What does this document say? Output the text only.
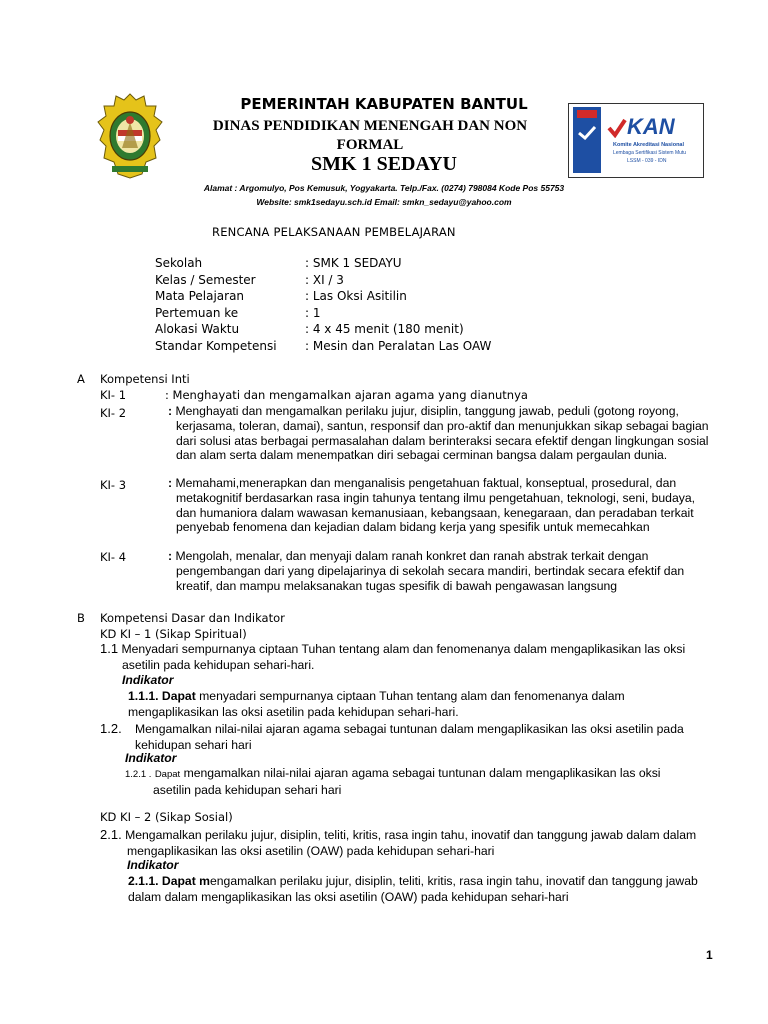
KAN
Komite Akreditasi Nasional
Lembaga Sertifikasi Sistem Mutu
LSSM - 039 - IDN
PEMERINTAH KABUPATEN BANTUL
DINAS PENDIDIKAN MENENGAH DAN NON FORMAL
SMK 1 SEDAYU
Alamat : Argomulyo, Pos Kemusuk, Yogyakarta. Telp./Fax. (0274) 798084 Kode Pos 55753
Website: smk1sedayu.sch.id Email: smkn_sedayu@yahoo.com
RENCANA PELAKSANAAN PEMBELAJARAN
Sekolah	: SMK 1 SEDAYU
Kelas / Semester	: XI / 3
Mata Pelajaran	: Las Oksi Asitilin
Pertemuan ke	: 1
Alokasi Waktu	: 4 x 45 menit (180 menit)
Standar Kompetensi : Mesin dan Peralatan Las OAW
A Kompetensi Inti
KI- 1	: Menghayati dan mengamalkan ajaran agama yang dianutnya
KI- 2	: Menghayati dan mengamalkan perilaku jujur, disiplin, tanggung jawab, peduli (gotong royong, kerjasama, toleran, damai), santun, responsif dan pro-aktif dan menunjukkan sikap sebagai bagian dari solusi atas berbagai permasalahan dalam berinteraksi secara efektif dengan lingkungan sosial dan alam serta dalam menempatkan diri sebagai cerminan bangsa dalam pergaulan dunia.
KI- 3	: Memahami,menerapkan dan menganalisis pengetahuan faktual, konseptual, prosedural, dan metakognitif berdasarkan rasa ingin tahunya tentang ilmu pengetahuan, teknologi, seni, budaya, dan humaniora dalam wawasan kemanusiaan, kebangsaan, kenegaraan, dan peradaban terkait penyebab fenomena dan kejadian dalam bidang kerja yang spesifik untuk memecahkan
KI- 4	: Mengolah, menalar, dan menyaji dalam ranah konkret dan ranah abstrak terkait dengan pengembangan dari yang dipelajarinya di sekolah secara mandiri, bertindak secara efektif dan kreatif, dan mampu melaksanakan tugas spesifik di bawah pengawasan langsung
B Kompetensi Dasar dan Indikator
KD KI – 1 (Sikap Spiritual)
1.1 Menyadari sempurnanya ciptaan Tuhan tentang alam dan fenomenanya dalam mengaplikasikan las oksi asetilin pada kehidupan sehari-hari.
Indikator
1.1.1. Dapat menyadari sempurnanya ciptaan Tuhan tentang alam dan fenomenanya dalam mengaplikasikan las oksi asetilin pada kehidupan sehari-hari.
1.2. Mengamalkan nilai-nilai ajaran agama sebagai tuntunan dalam mengaplikasikan las oksi asetilin pada kehidupan sehari hari
Indikator
1.2.1 . Dapat mengamalkan nilai-nilai ajaran agama sebagai tuntunan dalam mengaplikasikan las oksi asetilin pada kehidupan sehari hari
KD KI – 2 (Sikap Sosial)
2.1. Mengamalkan perilaku jujur, disiplin, teliti, kritis, rasa ingin tahu, inovatif dan tanggung jawab dalam dalam mengaplikasikan las oksi asetilin (OAW) pada kehidupan sehari-hari
Indikator
2.1.1. Dapat mengamalkan perilaku jujur, disiplin, teliti, kritis, rasa ingin tahu, inovatif dan tanggung jawab dalam dalam mengaplikasikan las oksi asetilin (OAW) pada kehidupan sehari-hari
1
